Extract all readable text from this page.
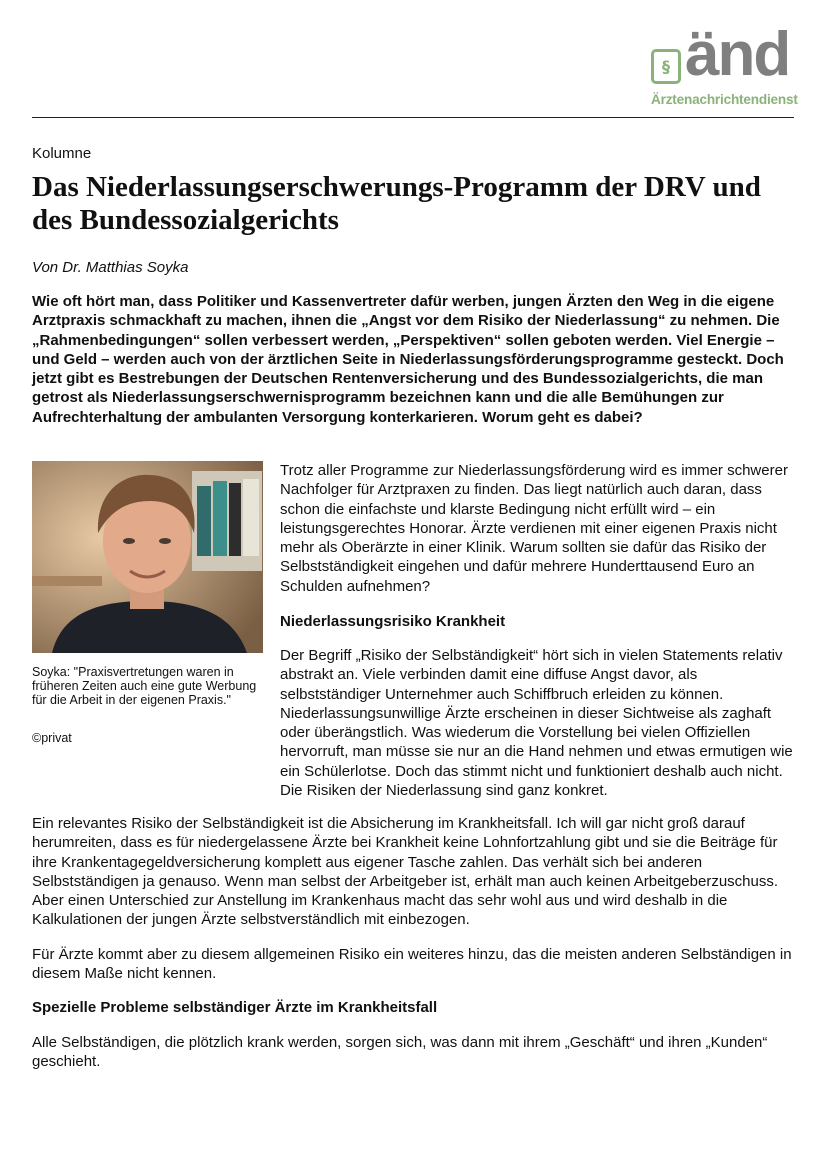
§ änd
Ärztenachrichtendienst
Kolumne
Das Niederlassungserschwerungs-Programm der DRV und des Bundessozialgerichts
Von Dr. Matthias Soyka

Wie oft hört man, dass Politiker und Kassenvertreter dafür werben, jungen Ärzten den Weg in die eigene Arztpraxis schmackhaft zu machen, ihnen die „Angst vor dem Risiko der Niederlassung“ zu nehmen. Die „Rahmenbedingungen“ sollen verbessert werden, „Perspektiven“ sollen geboten werden. Viel Energie – und Geld – werden auch von der ärztlichen Seite in Niederlassungsförderungsprogramme gesteckt. Doch jetzt gibt es Bestrebungen der Deutschen Rentenversicherung und des Bundessozialgerichts, die man getrost als Niederlassungserschwernisprogramm bezeichnen kann und die alle Bemühungen zur Aufrechterhaltung der ambulanten Versorgung konterkarieren. Worum geht es dabei?

Soyka: "Praxisvertretungen waren in früheren Zeiten auch eine gute Werbung für die Arbeit in der eigenen Praxis."

©privat

Trotz aller Programme zur Niederlassungsförderung wird es immer schwerer Nachfolger für Arztpraxen zu finden. Das liegt natürlich auch daran, dass schon die einfachste und klarste Bedingung nicht erfüllt wird – ein leistungsgerechtes Honorar. Ärzte verdienen mit einer eigenen Praxis nicht mehr als Oberärzte in einer Klinik. Warum sollten sie dafür das Risiko der Selbstständigkeit eingehen und dafür mehrere Hunderttausend Euro an Schulden aufnehmen?

Niederlassungsrisiko Krankheit

Der Begriff „Risiko der Selbständigkeit“ hört sich in vielen Statements relativ abstrakt an. Viele verbinden damit eine diffuse Angst davor, als selbstständiger Unternehmer auch Schiffbruch erleiden zu können. Niederlassungsunwillige Ärzte erscheinen in dieser Sichtweise als zaghaft oder überängstlich. Was wiederum die Vorstellung bei vielen Offiziellen hervorruft, man müsse sie nur an die Hand nehmen und etwas ermutigen wie ein Schülerlotse. Doch das stimmt nicht und funktioniert deshalb auch nicht. Die Risiken der Niederlassung sind ganz konkret.

Ein relevantes Risiko der Selbständigkeit ist die Absicherung im Krankheitsfall. Ich will gar nicht groß darauf herumreiten, dass es für niedergelassene Ärzte bei Krankheit keine Lohnfortzahlung gibt und sie die Beiträge für ihre Krankentagegeldversicherung komplett aus eigener Tasche zahlen. Das verhält sich bei anderen Selbstständigen ja genauso. Wenn man selbst der Arbeitgeber ist, erhält man auch keinen Arbeitgeberzuschuss. Aber einen Unterschied zur Anstellung im Krankenhaus macht das sehr wohl aus und wird deshalb in die Kalkulationen der jungen Ärzte selbstverständlich mit einbezogen.

Für Ärzte kommt aber zu diesem allgemeinen Risiko ein weiteres hinzu, das die meisten anderen Selbständigen in diesem Maße nicht kennen.

Spezielle Probleme selbständiger Ärzte im Krankheitsfall

Alle Selbständigen, die plötzlich krank werden, sorgen sich, was dann mit ihrem „Geschäft“ und ihren „Kunden“ geschieht.
